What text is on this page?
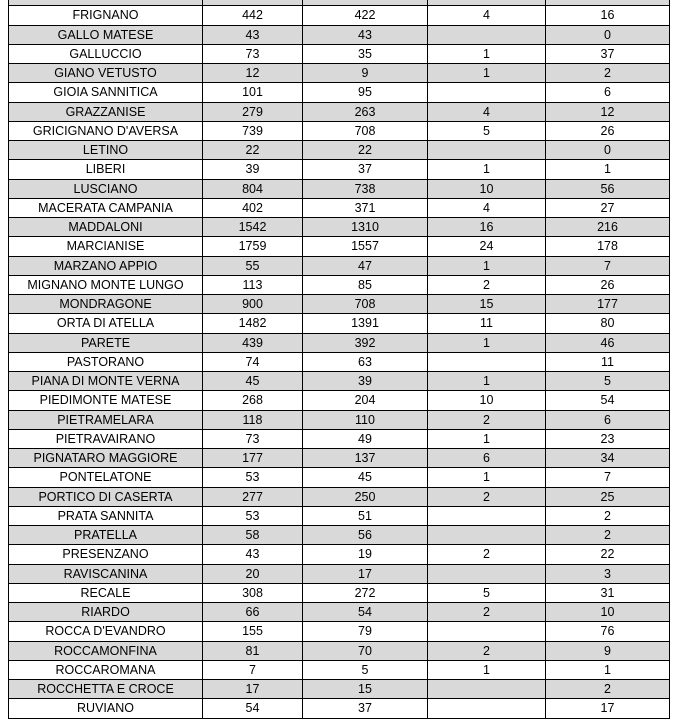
FRIGNANO	442	422	4	16
GALLO MATESE	43	43		0
GALLUCCIO	73	35	1	37
GIANO VETUSTO	12	9	1	2
GIOIA SANNITICA	101	95		6
GRAZZANISE	279	263	4	12
GRICIGNANO D'AVERSA	739	708	5	26
LETINO	22	22		0
LIBERI	39	37	1	1
LUSCIANO	804	738	10	56
MACERATA CAMPANIA	402	371	4	27
MADDALONI	1542	1310	16	216
MARCIANISE	1759	1557	24	178
MARZANO APPIO	55	47	1	7
MIGNANO MONTE LUNGO	113	85	2	26
MONDRAGONE	900	708	15	177
ORTA DI ATELLA	1482	1391	11	80
PARETE	439	392	1	46
PASTORANO	74	63		11
PIANA DI MONTE VERNA	45	39	1	5
PIEDIMONTE MATESE	268	204	10	54
PIETRAMELARA	118	110	2	6
PIETRAVAIRANO	73	49	1	23
PIGNATARO MAGGIORE	177	137	6	34
PONTELATONE	53	45	1	7
PORTICO DI CASERTA	277	250	2	25
PRATA SANNITA	53	51		2
PRATELLA	58	56		2
PRESENZANO	43	19	2	22
RAVISCANINA	20	17		3
RECALE	308	272	5	31
RIARDO	66	54	2	10
ROCCA D'EVANDRO	155	79		76
ROCCAMONFINA	81	70	2	9
ROCCAROMANA	7	5	1	1
ROCCHETTA E CROCE	17	15		2
RUVIANO	54	37		17
